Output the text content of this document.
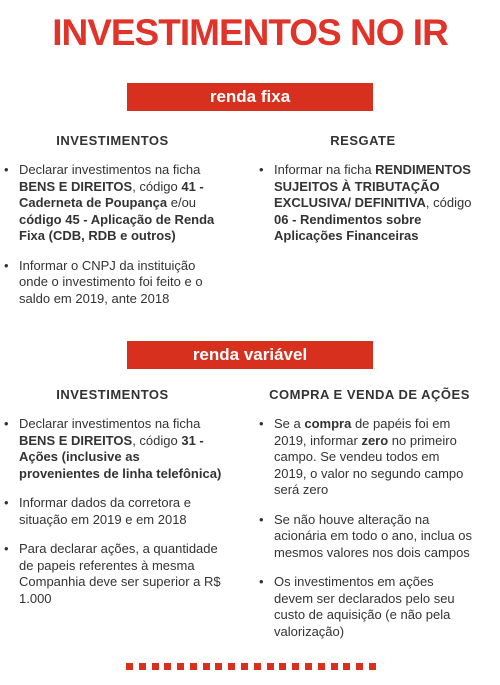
INVESTIMENTOS NO IR
renda fixa
INVESTIMENTOS	RESGATE
• Declarar investimentos na ficha BENS E DIREITOS, código 41 - Caderneta de Poupança e/ou código 45 - Aplicação de Renda Fixa (CDB, RDB e outros)
• Informar o CNPJ da instituição onde o investimento foi feito e o saldo em 2019, ante 2018
• Informar na ficha RENDIMENTOS SUJEITOS À TRIBUTAÇÃO EXCLUSIVA/ DEFINITIVA, código 06 - Rendimentos sobre Aplicações Financeiras
renda variável
INVESTIMENTOS	COMPRA E VENDA DE AÇÕES
• Declarar investimentos na ficha BENS E DIREITOS, código 31 - Ações (inclusive as provenientes de linha telefônica)
• Informar dados da corretora e situação em 2019 e em 2018
• Para declarar ações, a quantidade de papeis referentes à mesma Companhia deve ser superior a R$ 1.000
• Se a compra de papéis foi em 2019, informar zero no primeiro campo. Se vendeu todos em 2019, o valor no segundo campo será zero
• Se não houve alteração na acionária em todo o ano, inclua os mesmos valores nos dois campos
• Os investimentos em ações devem ser declarados pelo seu custo de aquisição (e não pela valorização)
